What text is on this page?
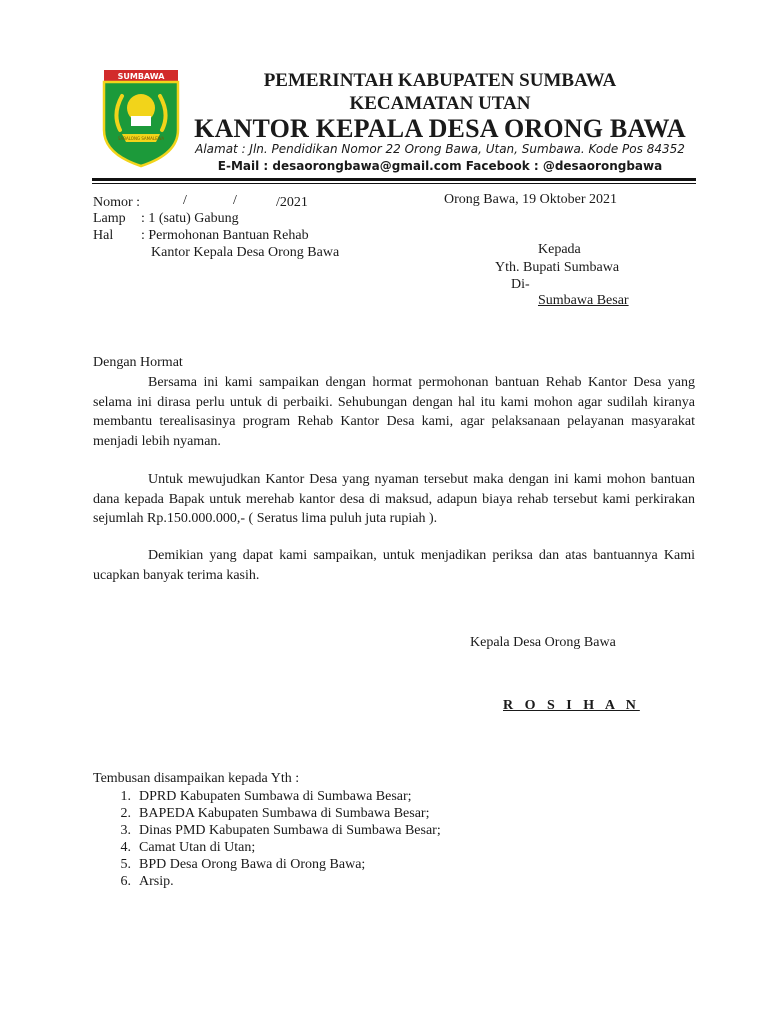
SUMBAWA
SABALONG SAMALEWA
PEMERINTAH KABUPATEN SUMBAWA
KECAMATAN UTAN
KANTOR KEPALA DESA ORONG BAWA
Alamat : Jln. Pendidikan Nomor 22 Orong Bawa, Utan, Sumbawa. Kode Pos 84352
E-Mail : desaorongbawa@gmail.com Facebook : @desaorongbawa
Nomor :	/	/	/2021	Orong Bawa, 19 Oktober 2021
Lamp : 1 (satu) Gabung
Hal : Permohonan Bantuan Rehab
Kantor Kepala Desa Orong Bawa	Kepada
Yth. Bupati Sumbawa
Di-
Sumbawa Besar
Dengan Hormat
Bersama ini kami sampaikan dengan hormat permohonan bantuan Rehab Kantor Desa yang selama ini dirasa perlu untuk di perbaiki. Sehubungan dengan hal itu kami mohon agar sudilah kiranya membantu terealisasinya program Rehab Kantor Desa kami, agar pelaksanaan pelayanan masyarakat menjadi lebih nyaman.
Untuk mewujudkan Kantor Desa yang nyaman tersebut maka dengan ini kami mohon bantuan dana kepada Bapak untuk merehab kantor desa di maksud, adapun biaya rehab tersebut kami perkirakan sejumlah Rp.150.000.000,- ( Seratus lima puluh juta rupiah ).
Demikian yang dapat kami sampaikan, untuk menjadikan periksa dan atas bantuannya Kami ucapkan banyak terima kasih.
Kepala Desa Orong Bawa
R O S I H A N
Tembusan disampaikan kepada Yth :
1. DPRD Kabupaten Sumbawa di Sumbawa Besar;
2. BAPEDA Kabupaten Sumbawa di Sumbawa Besar;
3. Dinas PMD Kabupaten Sumbawa di Sumbawa Besar;
4. Camat Utan di Utan;
5. BPD Desa Orong Bawa di Orong Bawa;
6. Arsip.
